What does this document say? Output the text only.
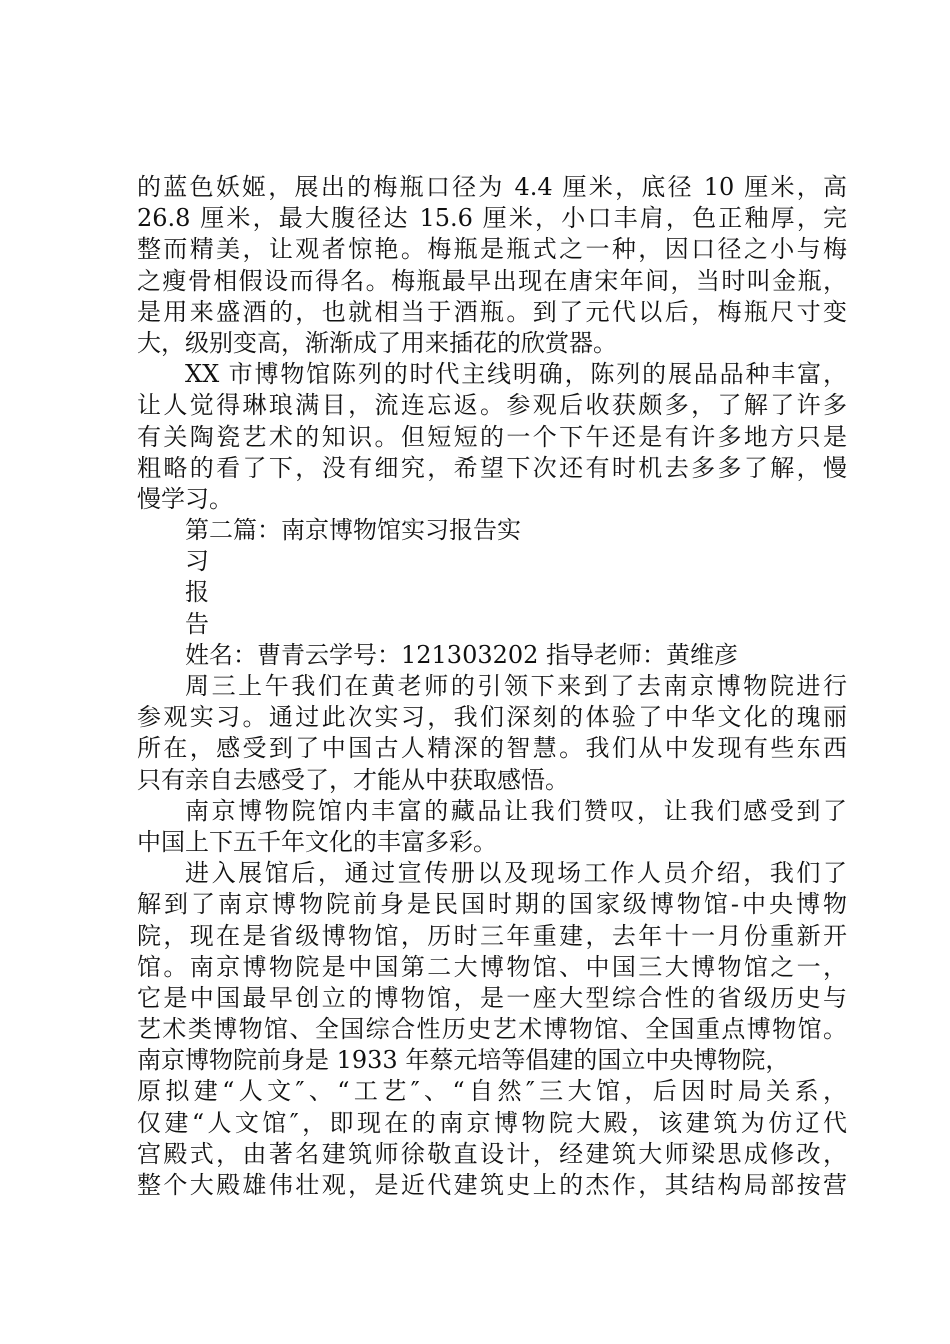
的蓝色妖姬，展出的梅瓶口径为 4.4 厘米，底径 10 厘米，高
26.8 厘米，最大腹径达 15.6 厘米，小口丰肩，色正釉厚，完
整而精美，让观者惊艳。梅瓶是瓶式之一种，因口径之小与梅
之瘦骨相假设而得名。梅瓶最早出现在唐宋年间，当时叫金瓶，
是用来盛酒的，也就相当于酒瓶。到了元代以后，梅瓶尺寸变
大，级别变高，渐渐成了用来插花的欣赏器。
XX 市博物馆陈列的时代主线明确，陈列的展品品种丰富，
让人觉得琳琅满目，流连忘返。参观后收获颇多，了解了许多
有关陶瓷艺术的知识。但短短的一个下午还是有许多地方只是
粗略的看了下，没有细究，希望下次还有时机去多多了解，慢
慢学习。
第二篇：南京博物馆实习报告实
习
报
告
姓名：曹青云学号：121303202 指导老师：黄维彦
周三上午我们在黄老师的引领下来到了去南京博物院进行
参观实习。通过此次实习，我们深刻的体验了中华文化的瑰丽
所在，感受到了中国古人精深的智慧。我们从中发现有些东西
只有亲自去感受了，才能从中获取感悟。
南京博物院馆内丰富的藏品让我们赞叹，让我们感受到了
中国上下五千年文化的丰富多彩。
进入展馆后，通过宣传册以及现场工作人员介绍，我们了
解到了南京博物院前身是民国时期的国家级博物馆-中央博物
院，现在是省级博物馆，历时三年重建，去年十一月份重新开
馆。南京博物院是中国第二大博物馆、中国三大博物馆之一，
它是中国最早创立的博物馆，是一座大型综合性的省级历史与
艺术类博物馆、全国综合性历史艺术博物馆、全国重点博物馆。
南京博物院前身是 1933 年蔡元培等倡建的国立中央博物院，
原拟建“人文″、“工艺″、“自然″三大馆，后因时局关系，
仅建“人文馆″，即现在的南京博物院大殿，该建筑为仿辽代
宫殿式，由著名建筑师徐敬直设计，经建筑大师梁思成修改，
整个大殿雄伟壮观，是近代建筑史上的杰作，其结构局部按营
